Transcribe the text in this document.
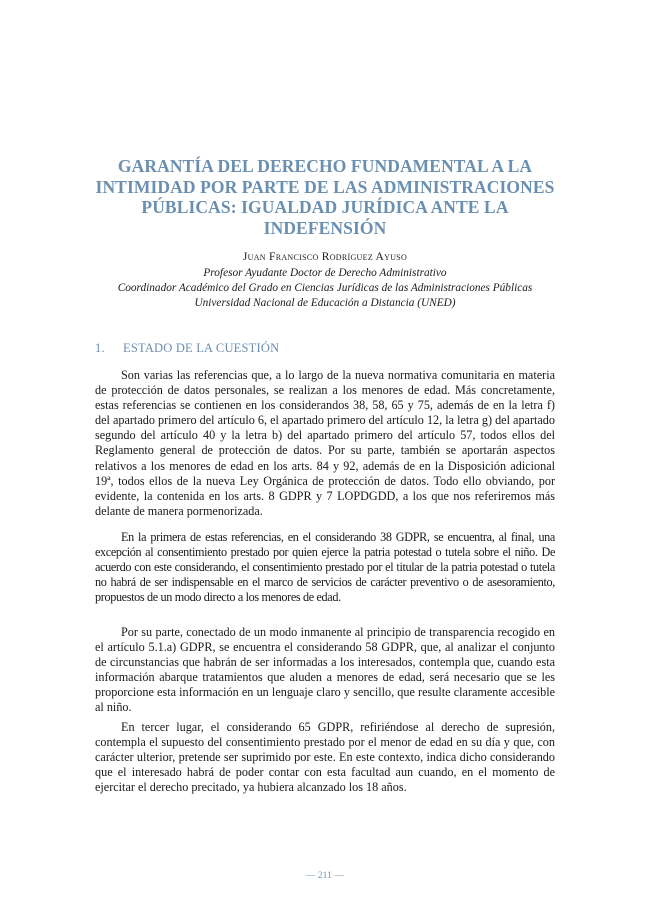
GARANTÍA DEL DERECHO FUNDAMENTAL A LA
INTIMIDAD POR PARTE DE LAS ADMINISTRACIONES
PÚBLICAS: IGUALDAD JURÍDICA ANTE LA
INDEFENSIÓN
Juan Francisco Rodríguez Ayuso
Profesor Ayudante Doctor de Derecho Administrativo
Coordinador Académico del Grado en Ciencias Jurídicas de las Administraciones Públicas
Universidad Nacional de Educación a Distancia (UNED)
1. ESTADO DE LA CUESTIÓN

Son varias las referencias que, a lo largo de la nueva normativa comunitaria en materia de protección de datos personales, se realizan a los menores de edad. Más concretamente, estas referencias se contienen en los considerandos 38, 58, 65 y 75, además de en la letra f) del apartado primero del artículo 6, el apartado primero del artículo 12, la letra g) del apartado segundo del artículo 40 y la letra b) del apartado primero del artículo 57, todos ellos del Reglamento general de protección de datos. Por su parte, también se aportarán aspectos relativos a los menores de edad en los arts. 84 y 92, además de en la Disposición adicional 19ª, todos ellos de la nueva Ley Orgánica de protección de datos. Todo ello obviando, por evidente, la contenida en los arts. 8 GDPR y 7 LOPDGDD, a los que nos referiremos más delante de manera pormenorizada.

En la primera de estas referencias, en el considerando 38 GDPR, se encuentra, al final, una excepción al consentimiento prestado por quien ejerce la patria potestad o tutela sobre el niño. De acuerdo con este considerando, el consentimiento prestado por el titular de la patria potestad o tutela no habrá de ser indispensable en el marco de servicios de carácter preventivo o de asesoramiento, propuestos de un modo directo a los menores de edad.

Por su parte, conectado de un modo inmanente al principio de transparencia recogido en el artículo 5.1.a) GDPR, se encuentra el considerando 58 GDPR, que, al analizar el conjunto de circunstancias que habrán de ser informadas a los interesados, contempla que, cuando esta información abarque tratamientos que aluden a menores de edad, será necesario que se les proporcione esta información en un lenguaje claro y sencillo, que resulte claramente accesible al niño.

En tercer lugar, el considerando 65 GDPR, refiriéndose al derecho de supresión, contempla el supuesto del consentimiento prestado por el menor de edad en su día y que, con carácter ulterior, pretende ser suprimido por este. En este contexto, indica dicho considerando que el interesado habrá de poder contar con esta facultad aun cuando, en el momento de ejercitar el derecho precitado, ya hubiera alcanzado los 18 años.

— 211 —
